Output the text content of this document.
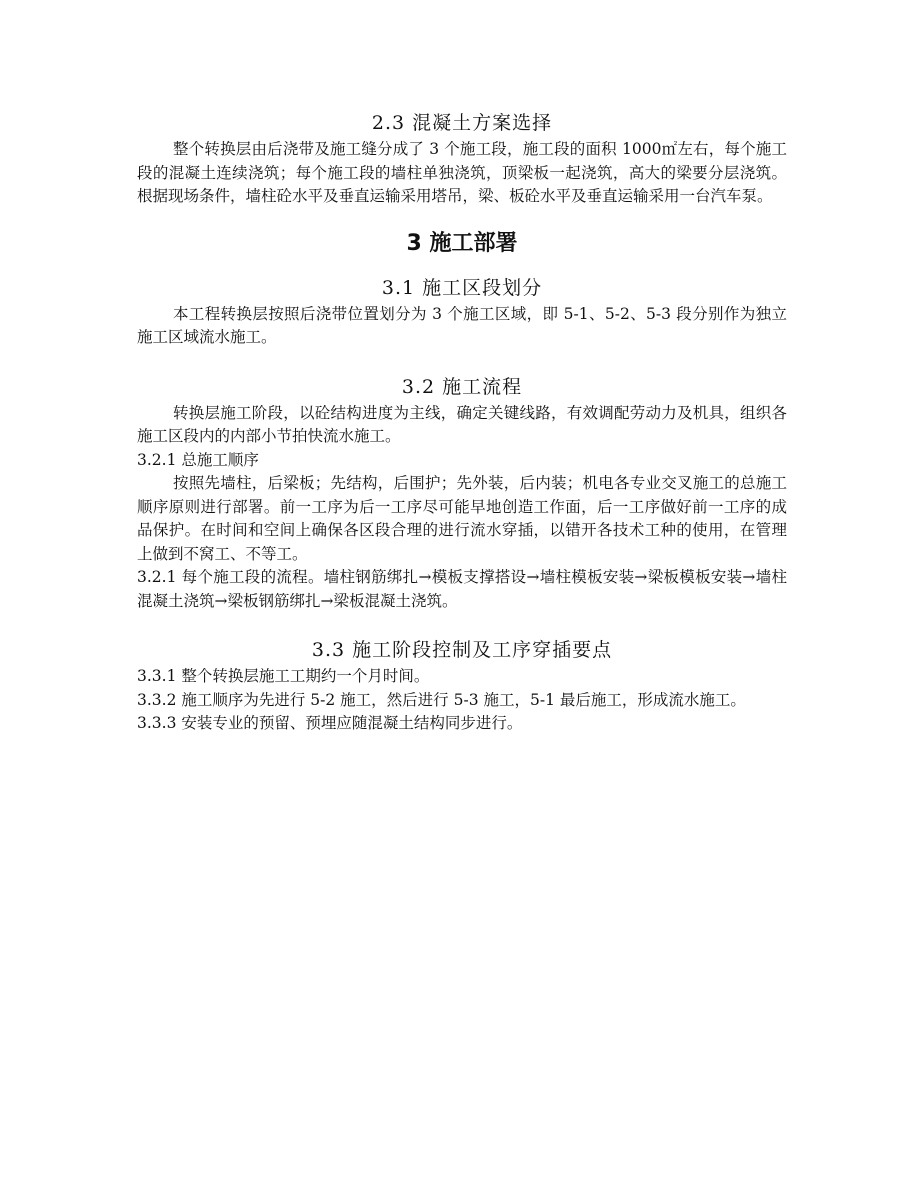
2.3 混凝土方案选择

整个转换层由后浇带及施工缝分成了 3 个施工段，施工段的面积 1000㎡左右，每个施工段的混凝土连续浇筑；每个施工段的墙柱单独浇筑，顶梁板一起浇筑，高大的梁要分层浇筑。根据现场条件，墙柱砼水平及垂直运输采用塔吊，梁、板砼水平及垂直运输采用一台汽车泵。

3 施工部署
3.1 施工区段划分

本工程转换层按照后浇带位置划分为 3 个施工区域，即 5-1、5-2、5-3 段分别作为独立施工区域流水施工。

3.2 施工流程

转换层施工阶段，以砼结构进度为主线，确定关键线路，有效调配劳动力及机具，组织各施工区段内的内部小节拍快流水施工。

3.2.1 总施工顺序

按照先墙柱，后梁板；先结构，后围护；先外装，后内装；机电各专业交叉施工的总施工顺序原则进行部署。前一工序为后一工序尽可能早地创造工作面，后一工序做好前一工序的成品保护。在时间和空间上确保各区段合理的进行流水穿插，以错开各技术工种的使用，在管理上做到不窝工、不等工。

3.2.1 每个施工段的流程。墙柱钢筋绑扎→模板支撑搭设→墙柱模板安装→梁板模板安装→墙柱混凝土浇筑→梁板钢筋绑扎→梁板混凝土浇筑。

3.3 施工阶段控制及工序穿插要点

3.3.1 整个转换层施工工期约一个月时间。

3.3.2 施工顺序为先进行 5-2 施工，然后进行 5-3 施工，5-1 最后施工，形成流水施工。

3.3.3 安装专业的预留、预埋应随混凝土结构同步进行。
